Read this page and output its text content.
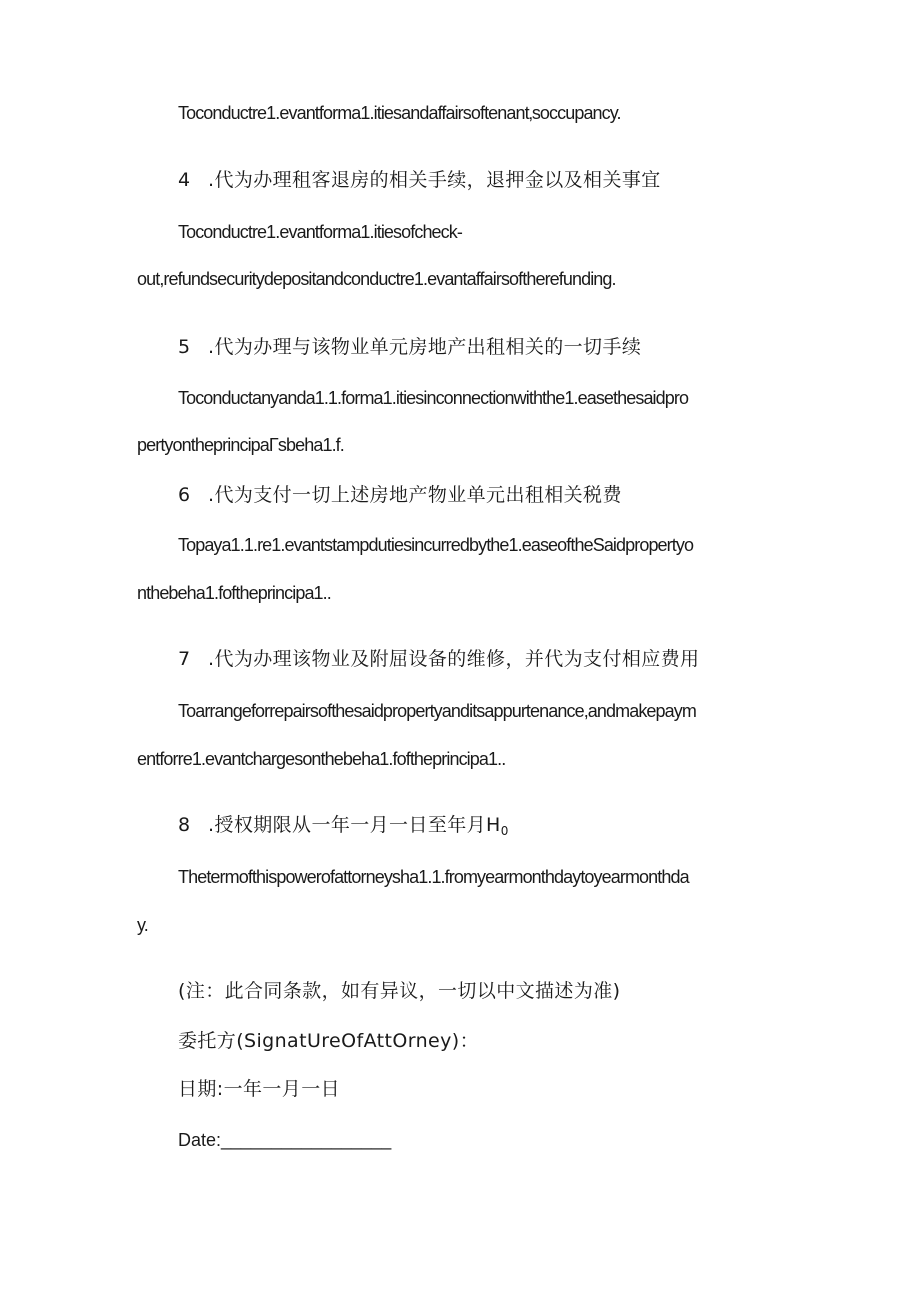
Toconductre1.evantforma1.itiesandaffairsoftenant‚soccupancy.
4 .代为办理租客退房的相关手续，退押金以及相关事宜
Toconductre1.evantforma1.itiesofcheck-
out,refundsecuritydepositandconductre1.evantaffairsoftherefunding.
5 .代为办理与该物业单元房地产出租相关的一切手续
Toconductanyanda1.1.forma1.itiesinconnectionwiththe1.easethesaidpro
pertyontheprincipaΓsbeha1.f.
6 .代为支付一切上述房地产物业单元出租相关税费
Topaya1.1.re1.evantstampdutiesincurredbythe1.easeoftheSaidpropertyo
nthebeha1.foftheprincipa1..
7 .代为办理该物业及附屈设备的维修，并代为支付相应费用
Toarrangeforrepairsofthesaidpropertyanditsappurtenance,andmakepaym
entforre1.evantchargesonthebeha1.foftheprincipa1..
8 .授权期限从一年一月一日至年月$H_0$
Thetermofthispowerofattorneysha1.1.fromyearmonthdaytoyearmonthda
y.
(注：此合同条款，如有异议，一切以中文描述为准)
委托方(SignatUreOfAttOrney)：
日期:一年一月一日
Date:_________________
